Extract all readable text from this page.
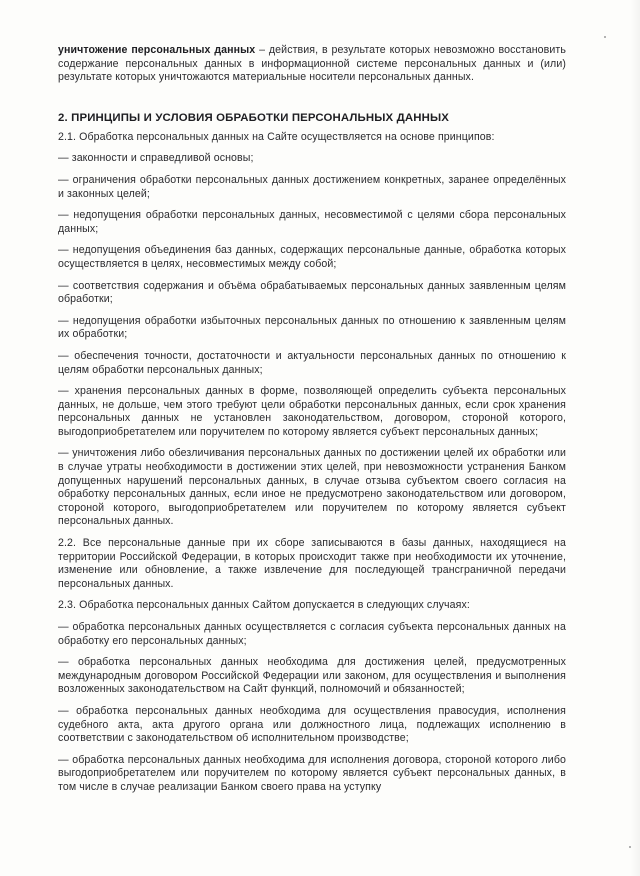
уничтожение персональных данных – действия, в результате которых невозможно восстановить содержание персональных данных в информационной системе персональных данных и (или) результате которых уничтожаются материальные носители персональных данных.

2. ПРИНЦИПЫ И УСЛОВИЯ ОБРАБОТКИ ПЕРСОНАЛЬНЫХ ДАННЫХ

2.1. Обработка персональных данных на Сайте осуществляется на основе принципов:

— законности и справедливой основы;

— ограничения обработки персональных данных достижением конкретных, заранее определённых и законных целей;

— недопущения обработки персональных данных, несовместимой с целями сбора персональных данных;

— недопущения объединения баз данных, содержащих персональные данные, обработка которых осуществляется в целях, несовместимых между собой;

— соответствия содержания и объёма обрабатываемых персональных данных заявленным целям обработки;

— недопущения обработки избыточных персональных данных по отношению к заявленным целям их обработки;

— обеспечения точности, достаточности и актуальности персональных данных по отношению к целям обработки персональных данных;

— хранения персональных данных в форме, позволяющей определить субъекта персональных данных, не дольше, чем этого требуют цели обработки персональных данных, если срок хранения персональных данных не установлен законодательством, договором, стороной которого, выгодоприобретателем или поручителем по которому является субъект персональных данных;

— уничтожения либо обезличивания персональных данных по достижении целей их обработки или в случае утраты необходимости в достижении этих целей, при невозможности устранения Банком допущенных нарушений персональных данных, в случае отзыва субъектом своего согласия на обработку персональных данных, если иное не предусмотрено законодательством или договором, стороной которого, выгодоприобретателем или поручителем по которому является субъект персональных данных.

2.2. Все персональные данные при их сборе записываются в базы данных, находящиеся на территории Российской Федерации, в которых происходит также при необходимости их уточнение, изменение или обновление, а также извлечение для последующей трансграничной передачи персональных данных.

2.3. Обработка персональных данных Сайтом допускается в следующих случаях:

— обработка персональных данных осуществляется с согласия субъекта персональных данных на обработку его персональных данных;

— обработка персональных данных необходима для достижения целей, предусмотренных международным договором Российской Федерации или законом, для осуществления и выполнения возложенных законодательством на Сайт функций, полномочий и обязанностей;

— обработка персональных данных необходима для осуществления правосудия, исполнения судебного акта, акта другого органа или должностного лица, подлежащих исполнению в соответствии с законодательством об исполнительном производстве;

— обработка персональных данных необходима для исполнения договора, стороной которого либо выгодоприобретателем или поручителем по которому является субъект персональных данных, в том числе в случае реализации Банком своего права на уступку
